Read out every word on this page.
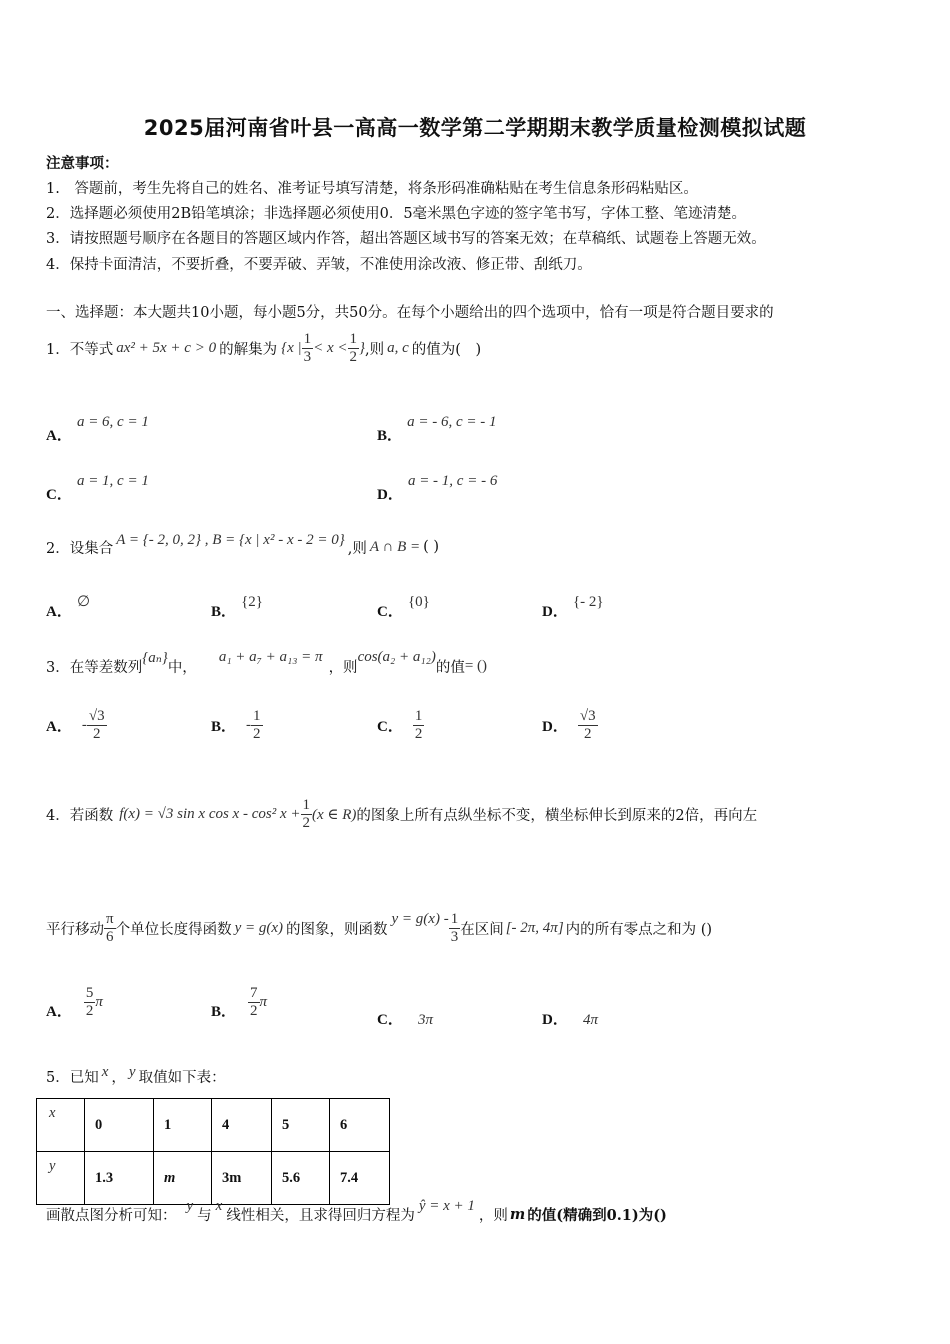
2025届河南省叶县一高高一数学第二学期期末教学质量检测模拟试题
注意事项：
1.　答题前，考生先将自己的姓名、准考证号填写清楚，将条形码准确粘贴在考生信息条形码粘贴区。
2．选择题必须使用2B铅笔填涂；非选择题必须使用0．5毫米黑色字迹的签字笔书写，字体工整、笔迹清楚。
3．请按照题号顺序在各题目的答题区域内作答，超出答题区域书写的答案无效；在草稿纸、试题卷上答题无效。
4．保持卡面清洁，不要折叠，不要弄破、弄皱，不准使用涂改液、修正带、刮纸刀。
一、选择题：本大题共10小题，每小题5分，共50分。在每个小题给出的四个选项中，恰有一项是符合题目要求的
1． 不等式 ax² + 5x + c > 0 的解集为 {x | $\frac{1}{3} < x < \frac{1}{2}$ } ,则 a, c 的值为(　)
A． a = 6, c = 1
B． a = - 6, c = - 1
C． a = 1, c = 1
D． a = - 1, c = - 6
2． 设集合
A = {- 2, 0, 2} , B = {x | x² - x - 2 = 0}
,则 A ∩ B = ( )
A． ∅
B． {2}
C． {0}
D． {- 2}
3． 在等差数列
{aₙ}
中，
a₁ + a₇ + a₁₃ = π
，则
cos(a₂ + a₁₂)
的值 = ()
A． - $\frac{√3}{2}$	B． - $\frac{1}{2}$	C． $\frac{1}{2}$	D． $\frac{√3}{2}$
4． 若函数 f(x) = √3 sin x cos x - cos² $x + \frac{1}{2} (x$ ∈ R) 的图象上所有点纵坐标不变，横坐标伸长到原来的2倍，再向左
平行移动 $\frac{\pi}{6}$ 个单位长度得函数 y = g(x) 的图象，则函数
$y = g(x) - \frac{1}{3}$ 在区间 [- 2π, 4π] 内的所有零点之和为 ()
A． $\frac{5}{2}$ π
B． $\frac{7}{2}$ π
C． 3π	D． 4π
5． 已知 x ， y 取值如下表：
x	0	1	4	5	6
y	1.3	m	3m	5.6	7.4
画散点图分析可知：
y
与
x
线性相关，且求得回归方程为
ŷ = x + 1
，则 m 的值(精确到0.1)为()
